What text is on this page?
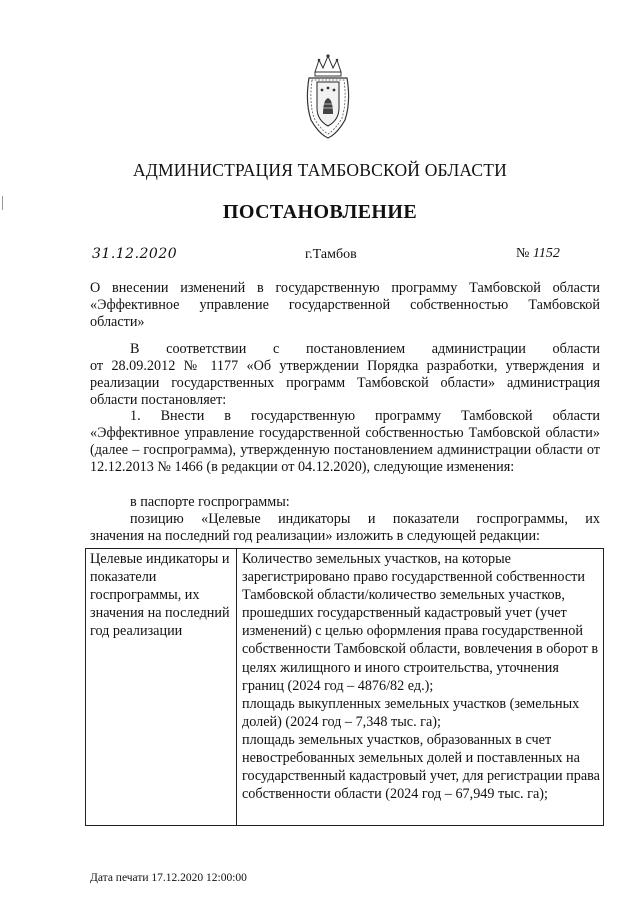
АДМИНИСТРАЦИЯ ТАМБОВСКОЙ ОБЛАСТИ
ПОСТАНОВЛЕНИЕ
31.12.2020	г.Тамбов	№ 1152
О внесении изменений в государственную программу Тамбовской области
«Эффективное управление государственной собственностью Тамбовской
области»
В соответствии с постановлением администрации области
от 28.09.2012 № 1177 «Об утверждении Порядка разработки, утверждения и реализации государственных программ Тамбовской области» администрация области постановляет:
1. Внести в государственную программу Тамбовской области
«Эффективное управление государственной собственностью Тамбовской области» (далее – госпрограмма), утвержденную постановлением администрации области от 12.12.2013 № 1466 (в редакции от 04.12.2020), следующие изменения:
в паспорте госпрограммы:
позицию «Целевые индикаторы и показатели госпрограммы, их
значения на последний год реализации» изложить в следующей редакции:
Целевые индикаторы и показатели госпрограммы, их значения на последний год реализации
Количество земельных участков, на которые зарегистрировано право государственной собственности Тамбовской области/количество земельных участков, прошедших государственный кадастровый учет (учет изменений) с целью оформления права государственной собственности Тамбовской области, вовлечения в оборот в целях жилищного и иного строительства, уточнения границ (2024 год – 4876/82 ед.);
площадь выкупленных земельных участков (земельных долей) (2024 год – 7,348 тыс. га);
площадь земельных участков, образованных в счет невостребованных земельных долей и поставленных на государственный кадастровый учет, для регистрации права собственности области (2024 год – 67,949 тыс. га);
Дата печати 17.12.2020 12:00:00
